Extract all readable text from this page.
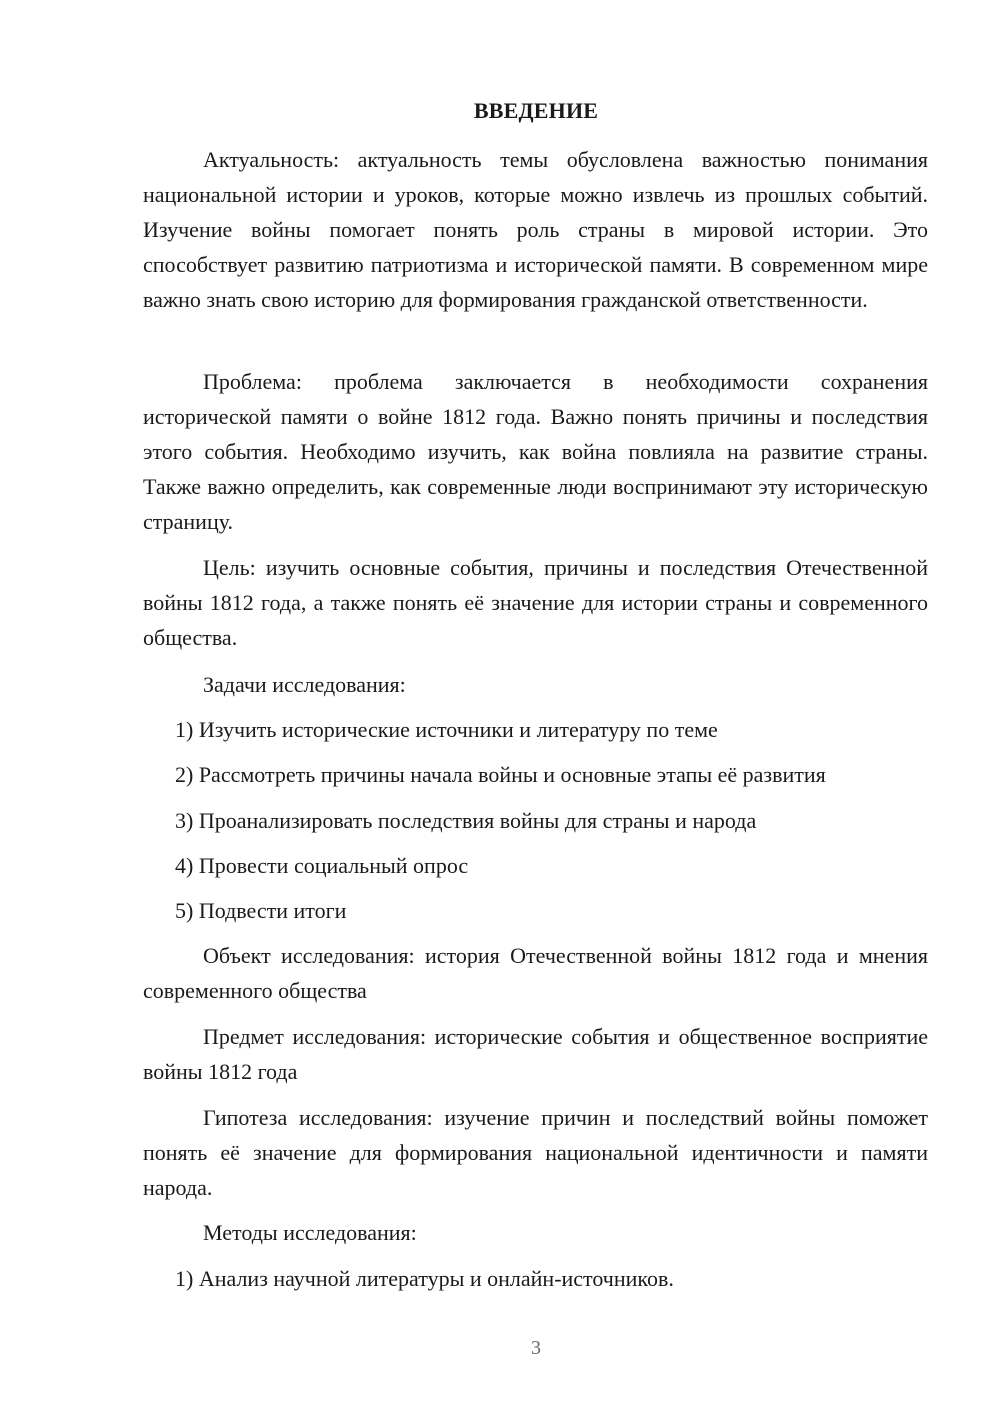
ВВЕДЕНИЕ

Актуальность: актуальность темы обусловлена важностью понимания национальной истории и уроков, которые можно извлечь из прошлых событий. Изучение войны помогает понять роль страны в мировой истории. Это способствует развитию патриотизма и исторической памяти. В современном мире важно знать свою историю для формирования гражданской ответственности.

Проблема: проблема заключается в необходимости сохранения исторической памяти о войне 1812 года. Важно понять причины и последствия этого события. Необходимо изучить, как война повлияла на развитие страны. Также важно определить, как современные люди воспринимают эту историческую страницу.

Цель: изучить основные события, причины и последствия Отечественной войны 1812 года, а также понять её значение для истории страны и современного общества.

Задачи исследования:

1) Изучить исторические источники и литературу по теме

2) Рассмотреть причины начала войны и основные этапы её развития

3) Проанализировать последствия войны для страны и народа

4) Провести социальный опрос

5) Подвести итоги

Объект исследования: история Отечественной войны 1812 года и мнения современного общества

Предмет исследования: исторические события и общественное восприятие войны 1812 года

Гипотеза исследования: изучение причин и последствий войны поможет понять её значение для формирования национальной идентичности и памяти народа.

Методы исследования:

1) Анализ научной литературы и онлайн-источников.

3
